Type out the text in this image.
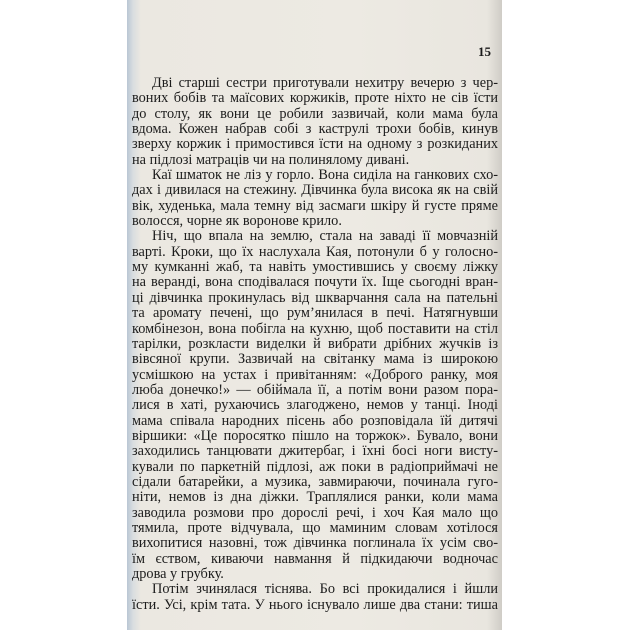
15
Дві старші сестри приготували нехитру вечерю з чер-
воних бобів та маїсових коржиків, проте ніхто не сів їсти
до столу, як вони це робили зазвичай, коли мама була
вдома. Кожен набрав собі з каструлі трохи бобів, кинув
зверху коржик і примостився їсти на одному з розкиданих
на підлозі матраців чи на полинялому дивані.
Каї шматок не ліз у горло. Вона сиділа на ганкових схо-
дах і дивилася на стежину. Дівчинка була висока як на свій
вік, худенька, мала темну від засмаги шкіру й густе пряме
волосся, чорне як воронове крило.
Ніч, що впала на землю, стала на заваді її мовчазній
варті. Кроки, що їх наслухала Кая, потонули б у голосно-
му кумканні жаб, та навіть умостившись у своєму ліжку
на веранді, вона сподівалася почути їх. Іще сьогодні вран-
ці дівчинка прокинулась від шкварчання сала на пательні
та аромату печені, що рум’янилася в печі. Натягнувши
комбінезон, вона побігла на кухню, щоб поставити на стіл
тарілки, розкласти виделки й вибрати дрібних жучків із
вівсяної крупи. Зазвичай на світанку мама із широкою
усмішкою на устах і привітанням: «Доброго ранку, моя
люба донечко!» — обіймала її, а потім вони разом пора-
лися в хаті, рухаючись злагоджено, немов у танці. Іноді
мама співала народних пісень або розповідала їй дитячі
віршики: «Це поросятко пішло на торжок». Бувало, вони
заходились танцювати джитербаг, і їхні босі ноги висту-
кували по паркетній підлозі, аж поки в радіоприймачі не
сідали батарейки, а музика, завмираючи, починала гуго-
ніти, немов із дна діжки. Траплялися ранки, коли мама
заводила розмови про дорослі речі, і хоч Кая мало що
тямила, проте відчувала, що маминим словам хотілося
вихопитися назовні, тож дівчинка поглинала їх усім сво-
їм єством, киваючи навмання й підкидаючи водночас
дрова у грубку.
Потім зчинялася тіснява. Бо всі прокидалися і йшли
їсти. Усі, крім тата. У нього існувало лише два стани: тиша
